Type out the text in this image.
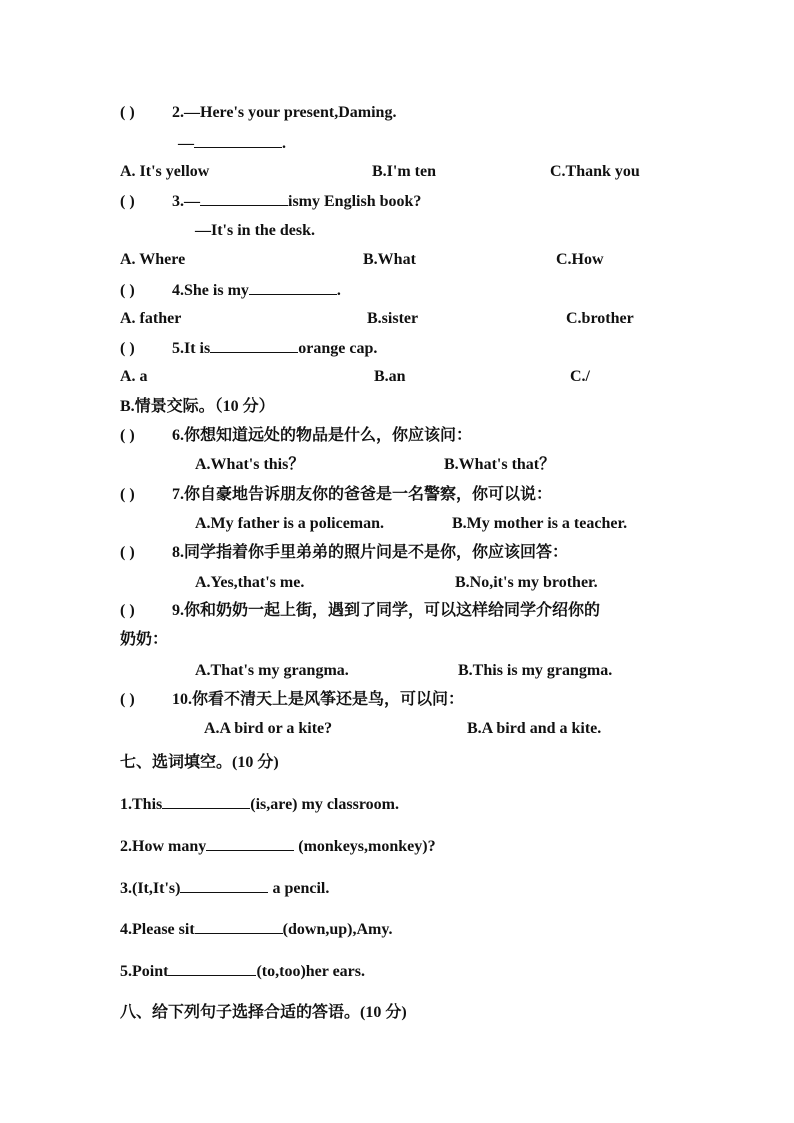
( ) 2.—Here's your present,Daming.
—	.
A. It's yellow	B.I'm ten	C.Thank you
( ) 3.—	ismy English book?
—It's in the desk.
A. Where	B.What	C.How
( ) 4.She is my	.
A. father	B.sister	C.brother
( ) 5.It is	orange cap.
A. a	B.an	C./
B.情景交际。（10 分）
( ) 6.你想知道远处的物品是什么，你应该问：
A.What's this？	B.What's that？
( ) 7.你自豪地告诉朋友你的爸爸是一名警察，你可以说：
A.My father is a policeman.	B.My mother is a teacher.
( ) 8.同学指着你手里弟弟的照片问是不是你，你应该回答：
A.Yes,that's me.	B.No,it's my brother.
( ) 9.你和奶奶一起上街，遇到了同学，可以这样给同学介绍你的
奶奶：
A.That's my grangma.	B.This is my grangma.
( ) 10.你看不清天上是风筝还是鸟，可以问：
A.A bird or a kite?	B.A bird and a kite.
七、选词填空。(10 分)
1.This	(is,are) my classroom.
2.How many	(monkeys,monkey)?
3.(It,It's)	a pencil.
4.Please sit	(down,up),Amy.
5.Point	(to,too)her ears.
八、给下列句子选择合适的答语。(10 分)
